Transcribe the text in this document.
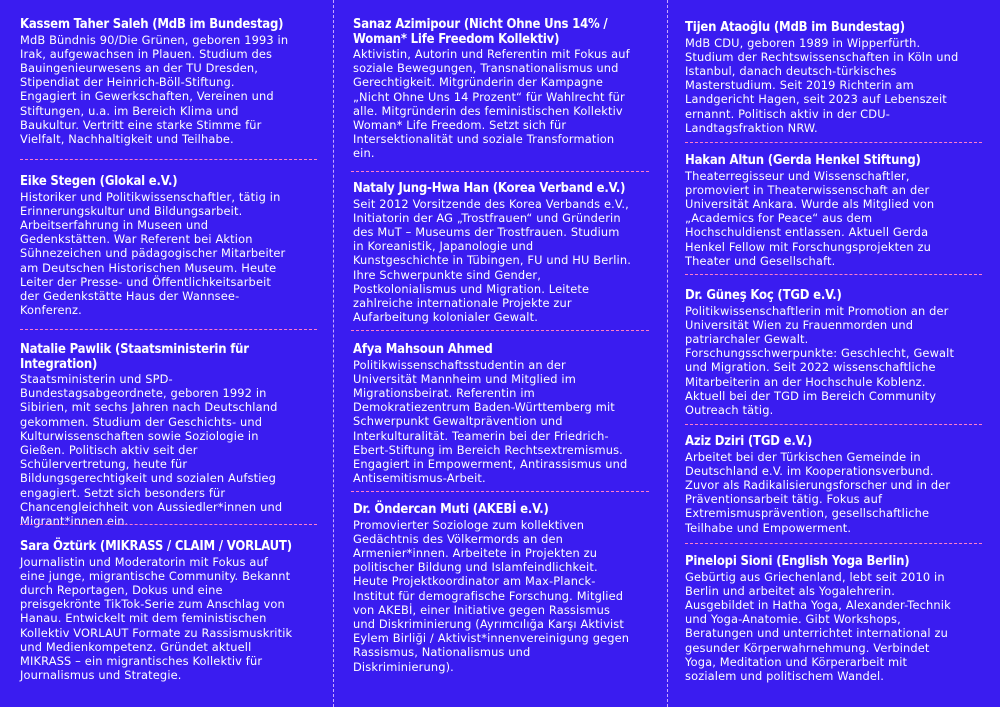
Kassem Taher Saleh (MdB im Bundestag)

MdB Bündnis 90/Die Grünen, geboren 1993 in
Irak, aufgewachsen in Plauen. Studium des
Bauingenieurwesens an der TU Dresden,
Stipendiat der Heinrich-Böll-Stiftung.
Engagiert in Gewerkschaften, Vereinen und
Stiftungen, u.a. im Bereich Klima und
Baukultur. Vertritt eine starke Stimme für
Vielfalt, Nachhaltigkeit und Teilhabe.

Eike Stegen (Glokal e.V.)

Historiker und Politikwissenschaftler, tätig in
Erinnerungskultur und Bildungsarbeit.
Arbeitserfahrung in Museen und
Gedenkstätten. War Referent bei Aktion
Sühnezeichen und pädagogischer Mitarbeiter
am Deutschen Historischen Museum. Heute
Leiter der Presse- und Öffentlichkeitsarbeit
der Gedenkstätte Haus der Wannsee-
Konferenz.

Natalie Pawlik (Staatsministerin für Integration)

Staatsministerin und SPD-
Bundestagsabgeordnete, geboren 1992 in
Sibirien, mit sechs Jahren nach Deutschland
gekommen. Studium der Geschichts- und
Kulturwissenschaften sowie Soziologie in
Gießen. Politisch aktiv seit der
Schülervertretung, heute für
Bildungsgerechtigkeit und sozialen Aufstieg
engagiert. Setzt sich besonders für
Chancengleichheit von Aussiedler*innen und
Migrant*innen ein.

Sara Öztürk (MIKRASS / CLAIM / VORLAUT)

Journalistin und Moderatorin mit Fokus auf
eine junge, migrantische Community. Bekannt
durch Reportagen, Dokus und eine
preisgekrönte TikTok-Serie zum Anschlag von
Hanau. Entwickelt mit dem feministischen
Kollektiv VORLAUT Formate zu Rassismuskritik
und Medienkompetenz. Gründet aktuell
MIKRASS – ein migrantisches Kollektiv für
Journalismus und Strategie.

Sanaz Azimipour (Nicht Ohne Uns 14% / Woman* Life Freedom Kollektiv)

Aktivistin, Autorin und Referentin mit Fokus auf
soziale Bewegungen, Transnationalismus und
Gerechtigkeit. Mitgründerin der Kampagne
„Nicht Ohne Uns 14 Prozent“ für Wahlrecht für
alle. Mitgründerin des feministischen Kollektiv
Woman* Life Freedom. Setzt sich für
Intersektionalität und soziale Transformation
ein.

Nataly Jung-Hwa Han (Korea Verband e.V.)

Seit 2012 Vorsitzende des Korea Verbands e.V.,
Initiatorin der AG „Trostfrauen“ und Gründerin
des MuT – Museums der Trostfrauen. Studium
in Koreanistik, Japanologie und
Kunstgeschichte in Tübingen, FU und HU Berlin.
Ihre Schwerpunkte sind Gender,
Postkolonialismus und Migration. Leitete
zahlreiche internationale Projekte zur
Aufarbeitung kolonialer Gewalt.

Afya Mahsoun Ahmed

Politikwissenschaftsstudentin an der
Universität Mannheim und Mitglied im
Migrationsbeirat. Referentin im
Demokratiezentrum Baden-Württemberg mit
Schwerpunkt Gewaltprävention und
Interkulturalität. Teamerin bei der Friedrich-
Ebert-Stiftung im Bereich Rechtsextremismus.
Engagiert in Empowerment, Antirassismus und
Antisemitismus-Arbeit.

Dr. Öndercan Muti (AKEBİ e.V.)

Promovierter Soziologe zum kollektiven
Gedächtnis des Völkermords an den
Armenier*innen. Arbeitete in Projekten zu
politischer Bildung und Islamfeindlichkeit.
Heute Projektkoordinator am Max-Planck-
Institut für demografische Forschung. Mitglied
von AKEBİ, einer Initiative gegen Rassismus
und Diskriminierung (Ayrımcılığa Karşı Aktivist
Eylem Birliği / Aktivist*innenvereinigung gegen
Rassismus, Nationalismus und
Diskriminierung).

Tijen Ataoğlu (MdB im Bundestag)

MdB CDU, geboren 1989 in Wipperfürth.
Studium der Rechtswissenschaften in Köln und
Istanbul, danach deutsch-türkisches
Masterstudium. Seit 2019 Richterin am
Landgericht Hagen, seit 2023 auf Lebenszeit
ernannt. Politisch aktiv in der CDU-
Landtagsfraktion NRW.

Hakan Altun (Gerda Henkel Stiftung)

Theaterregisseur und Wissenschaftler,
promoviert in Theaterwissenschaft an der
Universität Ankara. Wurde als Mitglied von
„Academics for Peace“ aus dem
Hochschuldienst entlassen. Aktuell Gerda
Henkel Fellow mit Forschungsprojekten zu
Theater und Gesellschaft.

Dr. Güneş Koç (TGD e.V.)

Politikwissenschaftlerin mit Promotion an der
Universität Wien zu Frauenmorden und
patriarchaler Gewalt.
Forschungsschwerpunkte: Geschlecht, Gewalt
und Migration. Seit 2022 wissenschaftliche
Mitarbeiterin an der Hochschule Koblenz.
Aktuell bei der TGD im Bereich Community
Outreach tätig.

Aziz Dziri (TGD e.V.)

Arbeitet bei der Türkischen Gemeinde in
Deutschland e.V. im Kooperationsverbund.
Zuvor als Radikalisierungsforscher und in der
Präventionsarbeit tätig. Fokus auf
Extremismusprävention, gesellschaftliche
Teilhabe und Empowerment.

Pinelopi Sioni (English Yoga Berlin)

Gebürtig aus Griechenland, lebt seit 2010 in
Berlin und arbeitet als Yogalehrerin.
Ausgebildet in Hatha Yoga, Alexander-Technik
und Yoga-Anatomie. Gibt Workshops,
Beratungen und unterrichtet international zu
gesunder Körperwahrnehmung. Verbindet
Yoga, Meditation und Körperarbeit mit
sozialem und politischem Wandel.
